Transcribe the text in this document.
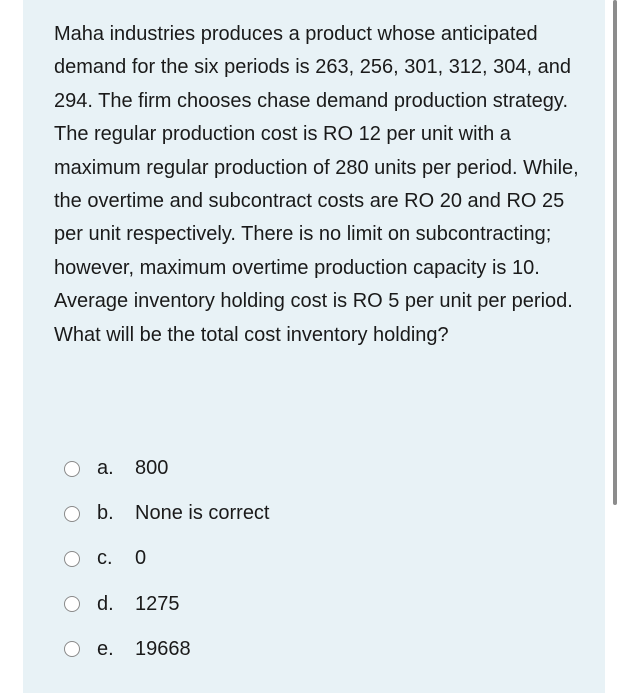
Maha industries produces a product whose anticipated demand for the six periods is 263, 256, 301, 312, 304, and 294. The firm chooses chase demand production strategy. The regular production cost is RO 12 per unit with a maximum regular production of 280 units per period. While, the overtime and subcontract costs are RO 20 and RO 25 per unit respectively. There is no limit on subcontracting; however, maximum overtime production capacity is 10. Average inventory holding cost is RO 5 per unit per period. What will be the total cost inventory holding?

a.	800
b.	None is correct
c.	0
d.	1275
e.	19668
